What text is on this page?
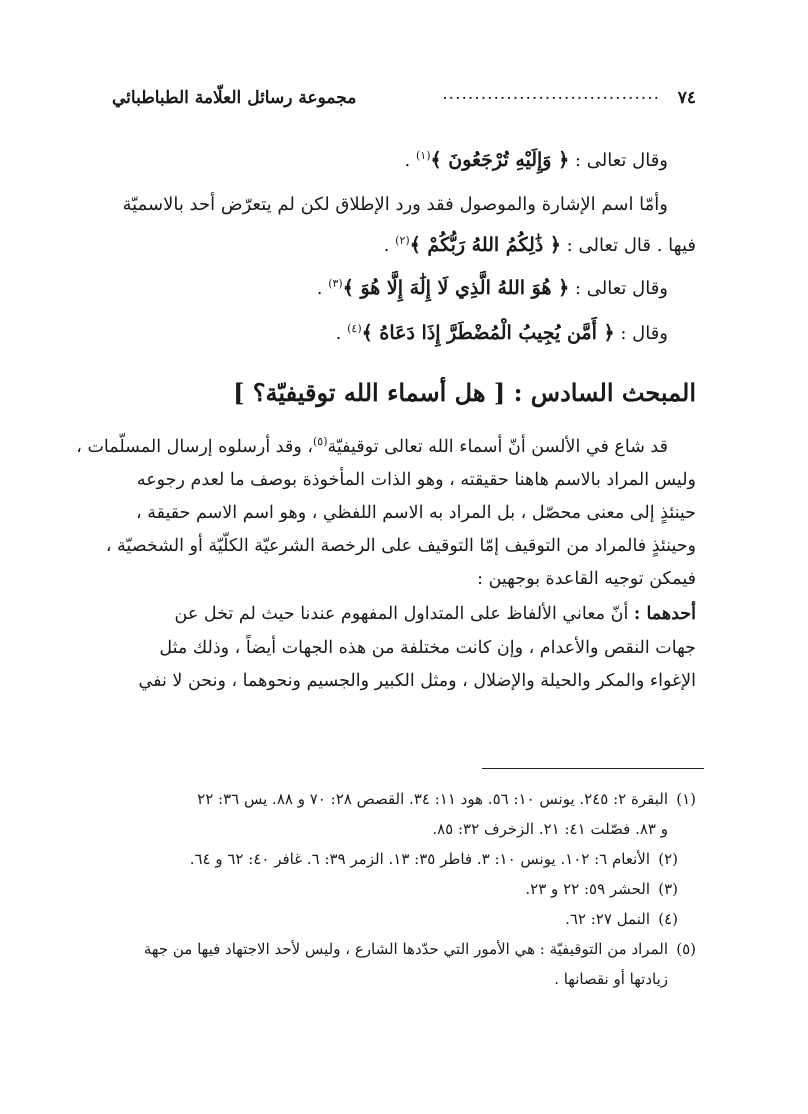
٧٤
..................................
مجموعة رسائل العلّامة الطباطبائي

وقال تعالى : ﴿ وَإِلَيْهِ تُرْجَعُونَ ﴾$^{(١)}$ .

وأمّا اسم الإشارة والموصول فقد ورد الإطلاق لكن لم يتعرّض أحد بالاسميّة

فيها . قال تعالى : ﴿ ذَٰلِكُمُ اللهُ رَبُّكُمْ ﴾$^{(٢)}$ .

وقال تعالى : ﴿ هُوَ اللهُ الَّذِي لَا إِلَٰهَ إِلَّا هُوَ ﴾$^{(٣)}$ .

وقال : ﴿ أَمَّن يُجِيبُ الْمُضْطَرَّ إِذَا دَعَاهُ ﴾$^{(٤)}$ .

المبحث السادس : [ هل أسماء الله توقيفيّة؟ ]

قد شاع في الألسن أنّ أسماء الله تعالى توقيفيّة$^{(٥)}$، وقد أرسلوه إرسال المسلّمات ،

وليس المراد بالاسم هاهنا حقيقته ، وهو الذات المأخوذة بوصف ما لعدم رجوعه

حينئذٍ إلى معنى محصّل ، بل المراد به الاسم اللفظي ، وهو اسم الاسم حقيقة ،

وحينئذٍ فالمراد من التوقيف إمّا التوقيف على الرخصة الشرعيّة الكلّيّة أو الشخصيّة ،

فيمكن توجيه القاعدة بوجهين :

أحدهما : أنّ معاني الألفاظ على المتداول المفهوم عندنا حيث لم تخل عن

جهات النقص والأعدام ، وإن كانت مختلفة من هذه الجهات أيضاً ، وذلك مثل

الإغواء والمكر والحيلة والإضلال ، ومثل الكبير والجسيم ونحوهما ، ونحن لا نفي

(١)البقرة ٢: ٢٤٥. يونس ١٠: ٥٦. هود ١١: ٣٤. القصص ٢٨: ٧٠ و ٨٨. يس ٣٦: ٢٢

و ٨٣. فصّلت ٤١: ٢١. الزخرف ٣٢: ٨٥.

(٢)الأنعام ٦: ١٠٢. يونس ١٠: ٣. فاطر ٣٥: ١٣. الزمر ٣٩: ٦. غافر ٤٠: ٦٢ و ٦٤.

(٣)الحشر ٥٩: ٢٢ و ٢٣.

(٤)النمل ٢٧: ٦٢.

(٥)المراد من التوقيفيّة : هي الأمور التي حدّدها الشارع ، وليس لأحد الاجتهاد فيها من جهة

زيادتها أو نقصانها .
